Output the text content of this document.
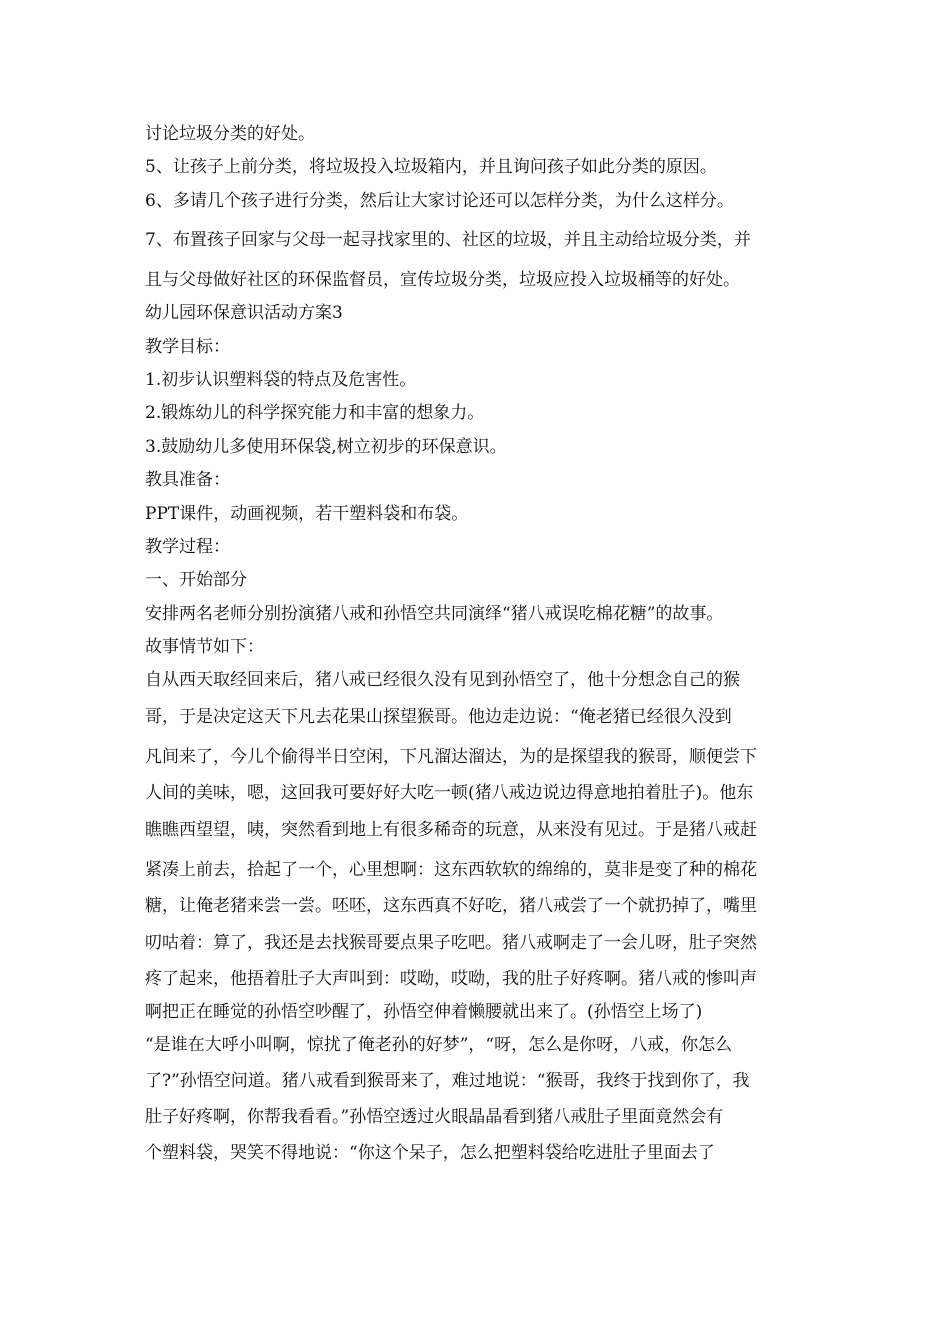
讨论垃圾分类的好处。
5、让孩子上前分类，将垃圾投入垃圾箱内，并且询问孩子如此分类的原因。
6、多请几个孩子进行分类，然后让大家讨论还可以怎样分类，为什么这样分。
7、布置孩子回家与父母一起寻找家里的、社区的垃圾，并且主动给垃圾分类，并
且与父母做好社区的环保监督员，宣传垃圾分类，垃圾应投入垃圾桶等的好处。
幼儿园环保意识活动方案3
教学目标：
1.初步认识塑料袋的特点及危害性。
2.锻炼幼儿的科学探究能力和丰富的想象力。
3.鼓励幼儿多使用环保袋,树立初步的环保意识。
教具准备：
PPT课件，动画视频，若干塑料袋和布袋。
教学过程：
一、开始部分
安排两名老师分别扮演猪八戒和孙悟空共同演绎“猪八戒误吃棉花糖”的故事。
故事情节如下：
自从西天取经回来后，猪八戒已经很久没有见到孙悟空了，他十分想念自己的猴
哥，于是决定这天下凡去花果山探望猴哥。他边走边说：“俺老猪已经很久没到
凡间来了，今儿个偷得半日空闲，下凡溜达溜达，为的是探望我的猴哥，顺便尝下
人间的美味，嗯，这回我可要好好大吃一顿(猪八戒边说边得意地拍着肚子)。他东
瞧瞧西望望，咦，突然看到地上有很多稀奇的玩意，从来没有见过。于是猪八戒赶
紧凑上前去，拾起了一个，心里想啊：这东西软软的绵绵的，莫非是变了种的棉花
糖，让俺老猪来尝一尝。呸呸，这东西真不好吃，猪八戒尝了一个就扔掉了，嘴里
叨咕着：算了，我还是去找猴哥要点果子吃吧。猪八戒啊走了一会儿呀，肚子突然
疼了起来，他捂着肚子大声叫到：哎呦，哎呦，我的肚子好疼啊。猪八戒的惨叫声
啊把正在睡觉的孙悟空吵醒了，孙悟空伸着懒腰就出来了。(孙悟空上场了)
“是谁在大呼小叫啊，惊扰了俺老孙的好梦”，“呀，怎么是你呀，八戒，你怎么
了?”孙悟空问道。猪八戒看到猴哥来了，难过地说：“猴哥，我终于找到你了，我
肚子好疼啊，你帮我看看。”孙悟空透过火眼晶晶看到猪八戒肚子里面竟然会有
个塑料袋，哭笑不得地说：“你这个呆子，怎么把塑料袋给吃进肚子里面去了
